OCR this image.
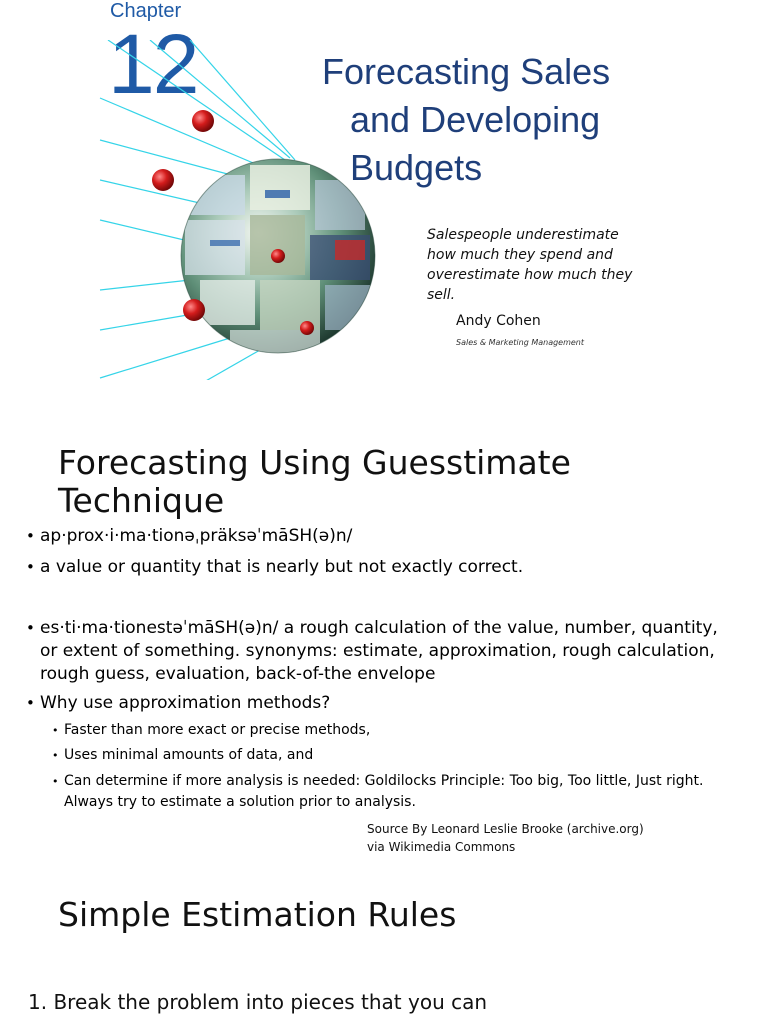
Chapter
12	Forecasting Sales
and Developing
Budgets
Salespeople underestimate how much they spend and overestimate how much they sell.
Andy Cohen
Sales & Marketing Management
Forecasting Using Guesstimate
Technique
• ap·prox·i·ma·tionəˌpräksəˈmāSH(ə)n/
• a value or quantity that is nearly but not exactly correct.
• es·ti·ma·tionestəˈmāSH(ə)n/ a rough calculation of the value, number, quantity, or extent of something. synonyms: estimate, approximation, rough calculation, rough guess, evaluation, back-of-the envelope
• Why use approximation methods?
• Faster than more exact or precise methods,
• Uses minimal amounts of data, and
• Can determine if more analysis is needed: Goldilocks Principle: Too big, Too little, Just right. Always try to estimate a solution prior to analysis.
Source By Leonard Leslie Brooke (archive.org)
via Wikimedia Commons
Simple Estimation Rules
1. Break the problem into pieces that you can
